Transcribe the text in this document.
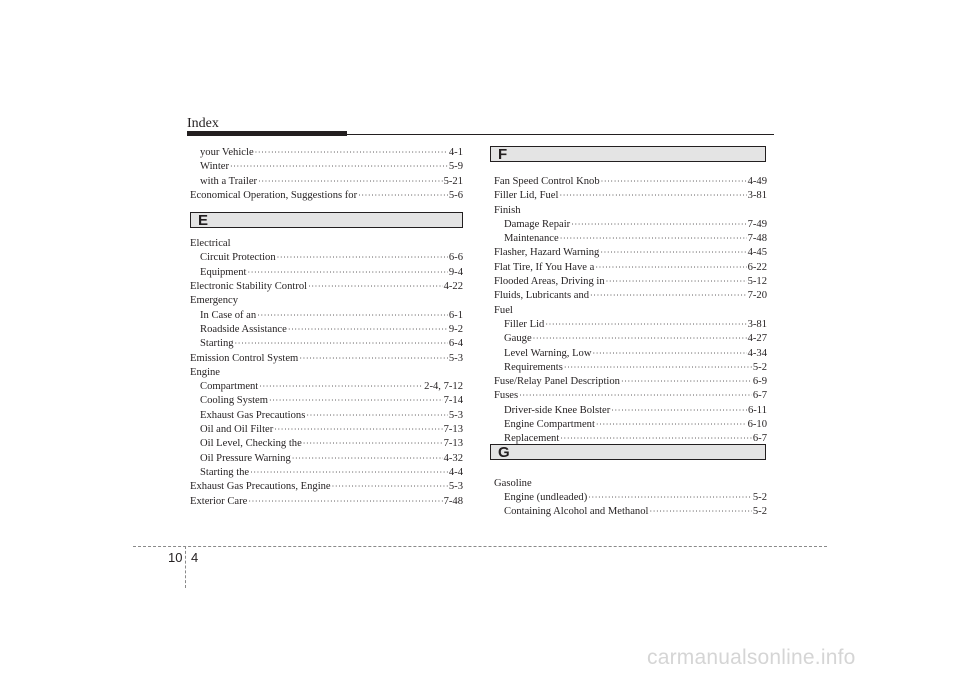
Index
your Vehicle ·····	4-1
Winter ·····	5-9
with a Trailer ·····	5-21
Economical Operation, Suggestions for ·····	5-6
Electrical
Circuit Protection ·····	6-6
Equipment ·····	9-4
Electronic Stability Control ·····	4-22
Emergency
In Case of an ·····	6-1
Roadside Assistance ·····	9-2
Starting ·····	6-4
Emission Control System ·····	5-3
Engine
Compartment ·····	2-4, 7-12
Cooling System ·····	7-14
Exhaust Gas Precautions ·····	5-3
Oil and Oil Filter ·····	7-13
Oil Level, Checking the ·····	7-13
Oil Pressure Warning ·····	4-32
Starting the ·····	4-4
Exhaust Gas Precautions, Engine ·····	5-3
Exterior Care ·····	7-48
E
F
Fan Speed Control Knob ·····	4-49
Filler Lid, Fuel ·····	3-81
Finish
Damage Repair ·····	7-49
Maintenance ·····	7-48
Flasher, Hazard Warning ·····	4-45
Flat Tire, If You Have a ·····	6-22
Flooded Areas, Driving in ·····	5-12
Fluids, Lubricants and ·····	7-20
Fuel
Filler Lid ·····	3-81
Gauge ·····	4-27
Level Warning, Low ·····	4-34
Requirements ·····	5-2
Fuse/Relay Panel Description ·····	6-9
Fuses ·····	6-7
Driver-side Knee Bolster ·····	6-11
Engine Compartment ·····	6-10
Replacement ·····	6-7
Gasoline
Engine (undleaded) ·····	5-2
Containing Alcohol and Methanol ·····	5-2
G
10 4
carmanualsonline.info
